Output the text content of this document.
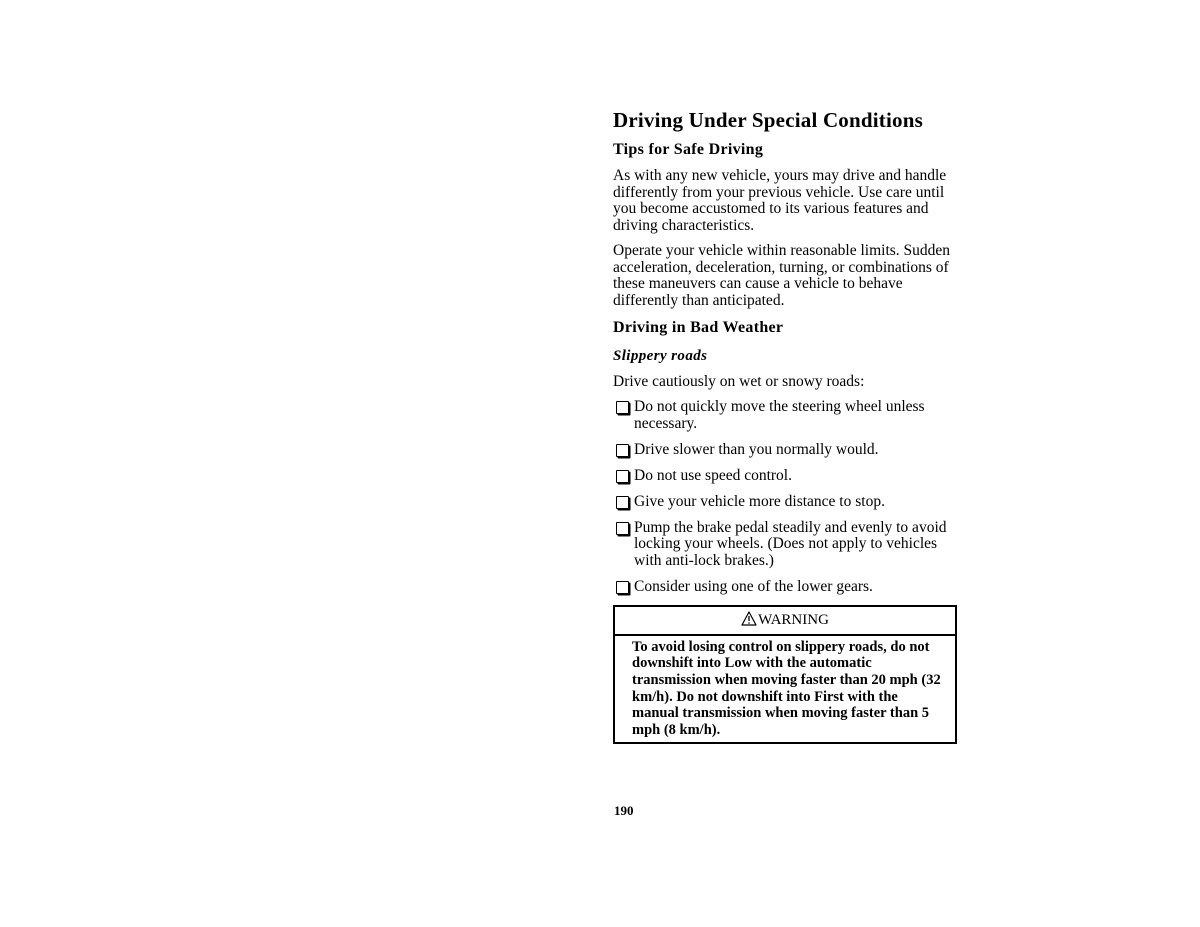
Driving Under Special Conditions
Tips for Safe Driving

As with any new vehicle, yours may drive and handle differently from your previous vehicle. Use care until you become accustomed to its various features and driving characteristics.

Operate your vehicle within reasonable limits. Sudden acceleration, deceleration, turning, or combinations of these maneuvers can cause a vehicle to behave differently than anticipated.

Driving in Bad Weather
Slippery roads

Drive cautiously on wet or snowy roads:

Do not quickly move the steering wheel unless necessary.
Drive slower than you normally would.
Do not use speed control.
Give your vehicle more distance to stop.
Pump the brake pedal steadily and evenly to avoid locking your wheels. (Does not apply to vehicles with anti-lock brakes.)
Consider using one of the lower gears.
WARNING
To avoid losing control on slippery roads, do not downshift into Low with the automatic transmission when moving faster than 20 mph (32 km/h). Do not downshift into First with the manual transmission when moving faster than 5 mph (8 km/h).
190
